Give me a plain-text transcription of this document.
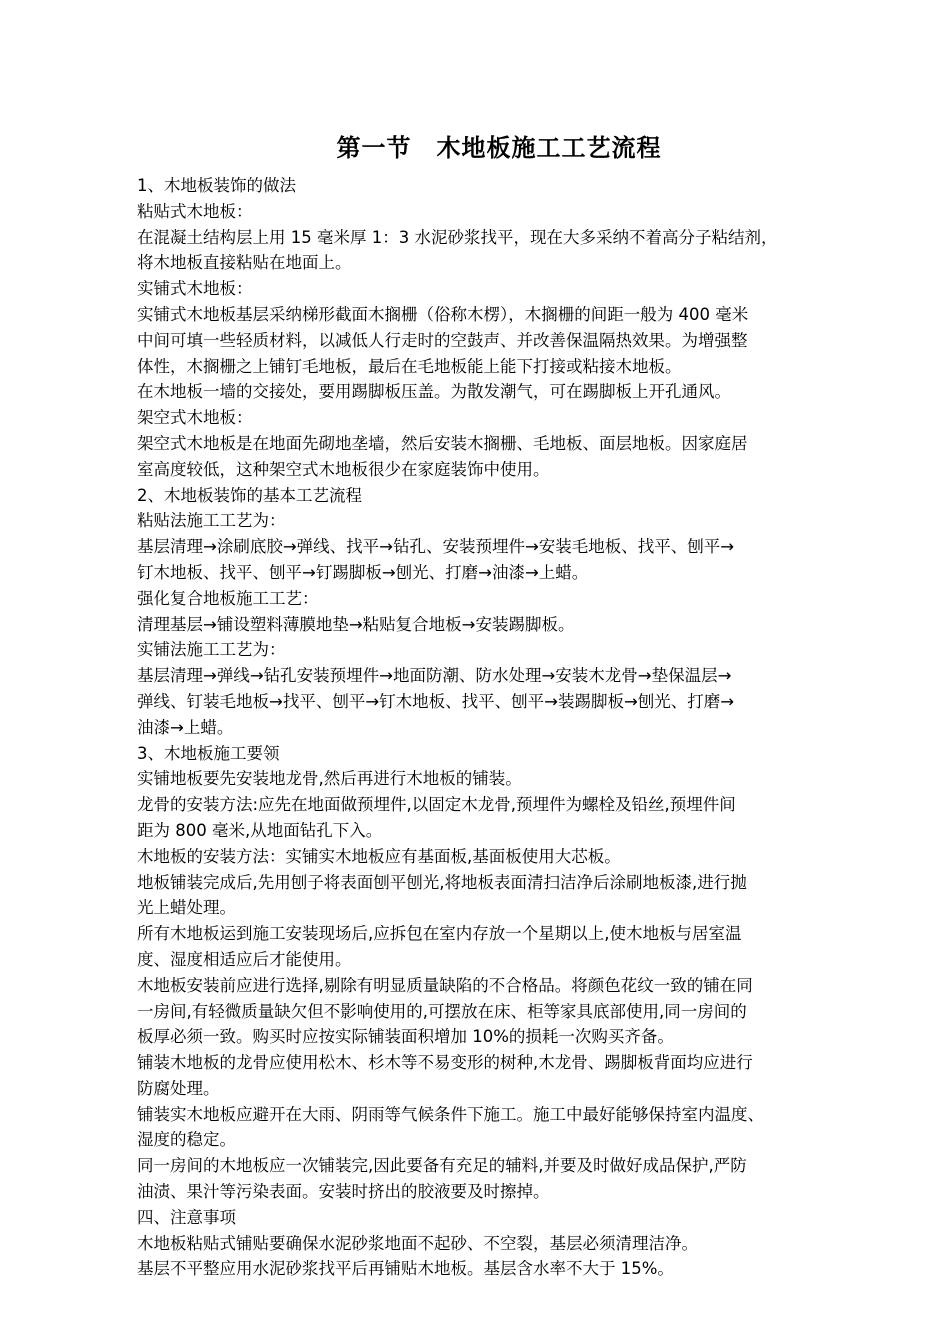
第一节　木地板施工工艺流程
1、木地板装饰的做法
粘贴式木地板：
在混凝土结构层上用 15 毫米厚 1：3 水泥砂浆找平，现在大多采纳不着高分子粘结剂，
将木地板直接粘贴在地面上。
实铺式木地板：
实铺式木地板基层采纳梯形截面木搁栅（俗称木楞），木搁栅的间距一般为 400 毫米
中间可填一些轻质材料，以减低人行走时的空鼓声、并改善保温隔热效果。为增强整
体性，木搁栅之上铺钉毛地板，最后在毛地板能上能下打接或粘接木地板。
在木地板一墙的交接处，要用踢脚板压盖。为散发潮气，可在踢脚板上开孔通风。
架空式木地板：
架空式木地板是在地面先砌地垄墙，然后安装木搁栅、毛地板、面层地板。因家庭居
室高度较低，这种架空式木地板很少在家庭装饰中使用。
2、木地板装饰的基本工艺流程
粘贴法施工工艺为：
基层清理→涂刷底胶→弹线、找平→钻孔、安装预埋件→安装毛地板、找平、刨平→
钉木地板、找平、刨平→钉踢脚板→刨光、打磨→油漆→上蜡。
强化复合地板施工工艺：
清理基层→铺设塑料薄膜地垫→粘贴复合地板→安装踢脚板。
实铺法施工工艺为：
基层清理→弹线→钻孔安装预埋件→地面防潮、防水处理→安装木龙骨→垫保温层→
弹线、钉装毛地板→找平、刨平→钉木地板、找平、刨平→装踢脚板→刨光、打磨→
油漆→上蜡。
3、木地板施工要领
实铺地板要先安装地龙骨,然后再进行木地板的铺装。
龙骨的安装方法:应先在地面做预埋件,以固定木龙骨,预埋件为螺栓及铅丝,预埋件间
距为 800 毫米,从地面钻孔下入。
木地板的安装方法：实铺实木地板应有基面板,基面板使用大芯板。
地板铺装完成后,先用刨子将表面刨平刨光,将地板表面清扫洁净后涂刷地板漆,进行抛
光上蜡处理。
所有木地板运到施工安装现场后,应拆包在室内存放一个星期以上,使木地板与居室温
度、湿度相适应后才能使用。
木地板安装前应进行选择,剔除有明显质量缺陷的不合格品。将颜色花纹一致的铺在同
一房间,有轻微质量缺欠但不影响使用的,可摆放在床、柜等家具底部使用,同一房间的
板厚必须一致。购买时应按实际铺装面积增加 10%的损耗一次购买齐备。
铺装木地板的龙骨应使用松木、杉木等不易变形的树种,木龙骨、踢脚板背面均应进行
防腐处理。
铺装实木地板应避开在大雨、阴雨等气候条件下施工。施工中最好能够保持室内温度、
湿度的稳定。
同一房间的木地板应一次铺装完,因此要备有充足的辅料,并要及时做好成品保护,严防
油渍、果汁等污染表面。安装时挤出的胶液要及时擦掉。
四、注意事项
木地板粘贴式铺贴要确保水泥砂浆地面不起砂、不空裂，基层必须清理洁净。
基层不平整应用水泥砂浆找平后再铺贴木地板。基层含水率不大于 15%。
